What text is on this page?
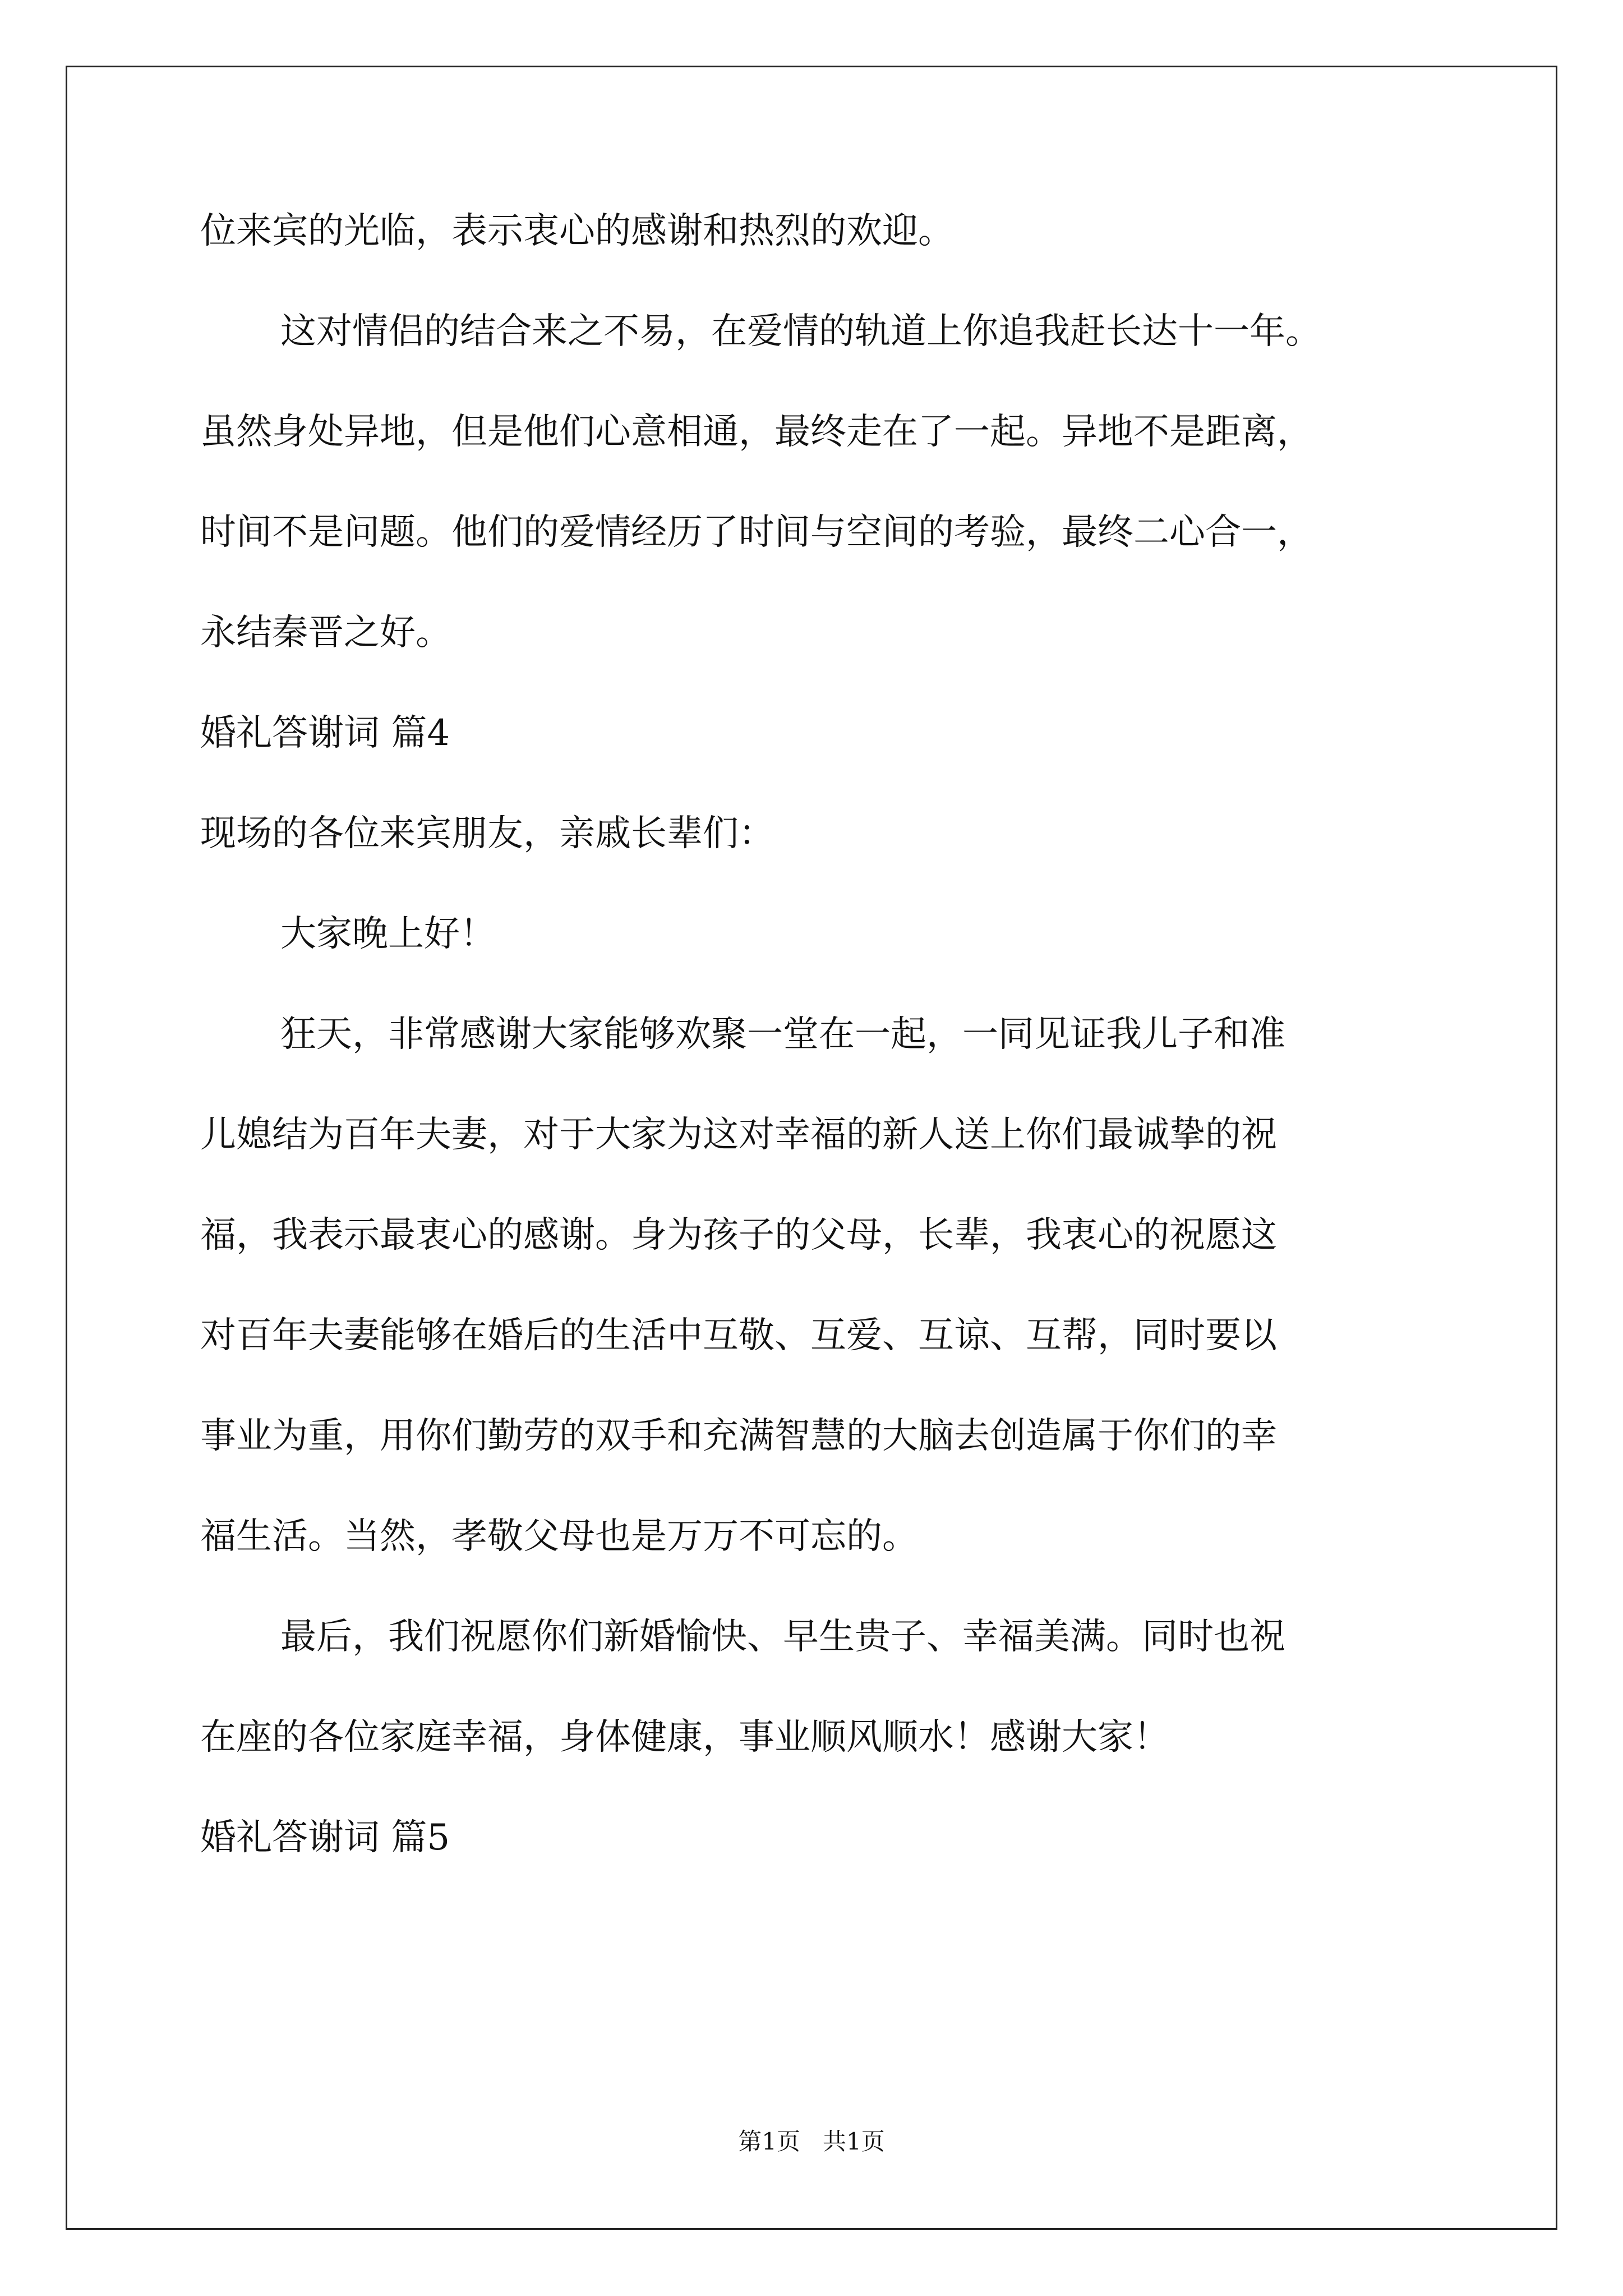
位来宾的光临，表示衷心的感谢和热烈的欢迎。
这对情侣的结合来之不易，在爱情的轨道上你追我赶长达十一年。
虽然身处异地，但是他们心意相通，最终走在了一起。异地不是距离，
时间不是问题。他们的爱情经历了时间与空间的考验，最终二心合一，
永结秦晋之好。
婚礼答谢词 篇4
现场的各位来宾朋友，亲戚长辈们：
大家晚上好！
狂天，非常感谢大家能够欢聚一堂在一起，一同见证我儿子和准
儿媳结为百年夫妻，对于大家为这对幸福的新人送上你们最诚挚的祝
福，我表示最衷心的感谢。身为孩子的父母，长辈，我衷心的祝愿这
对百年夫妻能够在婚后的生活中互敬、互爱、互谅、互帮，同时要以
事业为重，用你们勤劳的双手和充满智慧的大脑去创造属于你们的幸
福生活。当然，孝敬父母也是万万不可忘的。
最后，我们祝愿你们新婚愉快、早生贵子、幸福美满。同时也祝
在座的各位家庭幸福，身体健康，事业顺风顺水！感谢大家！
婚礼答谢词 篇5
第1页   共1页
